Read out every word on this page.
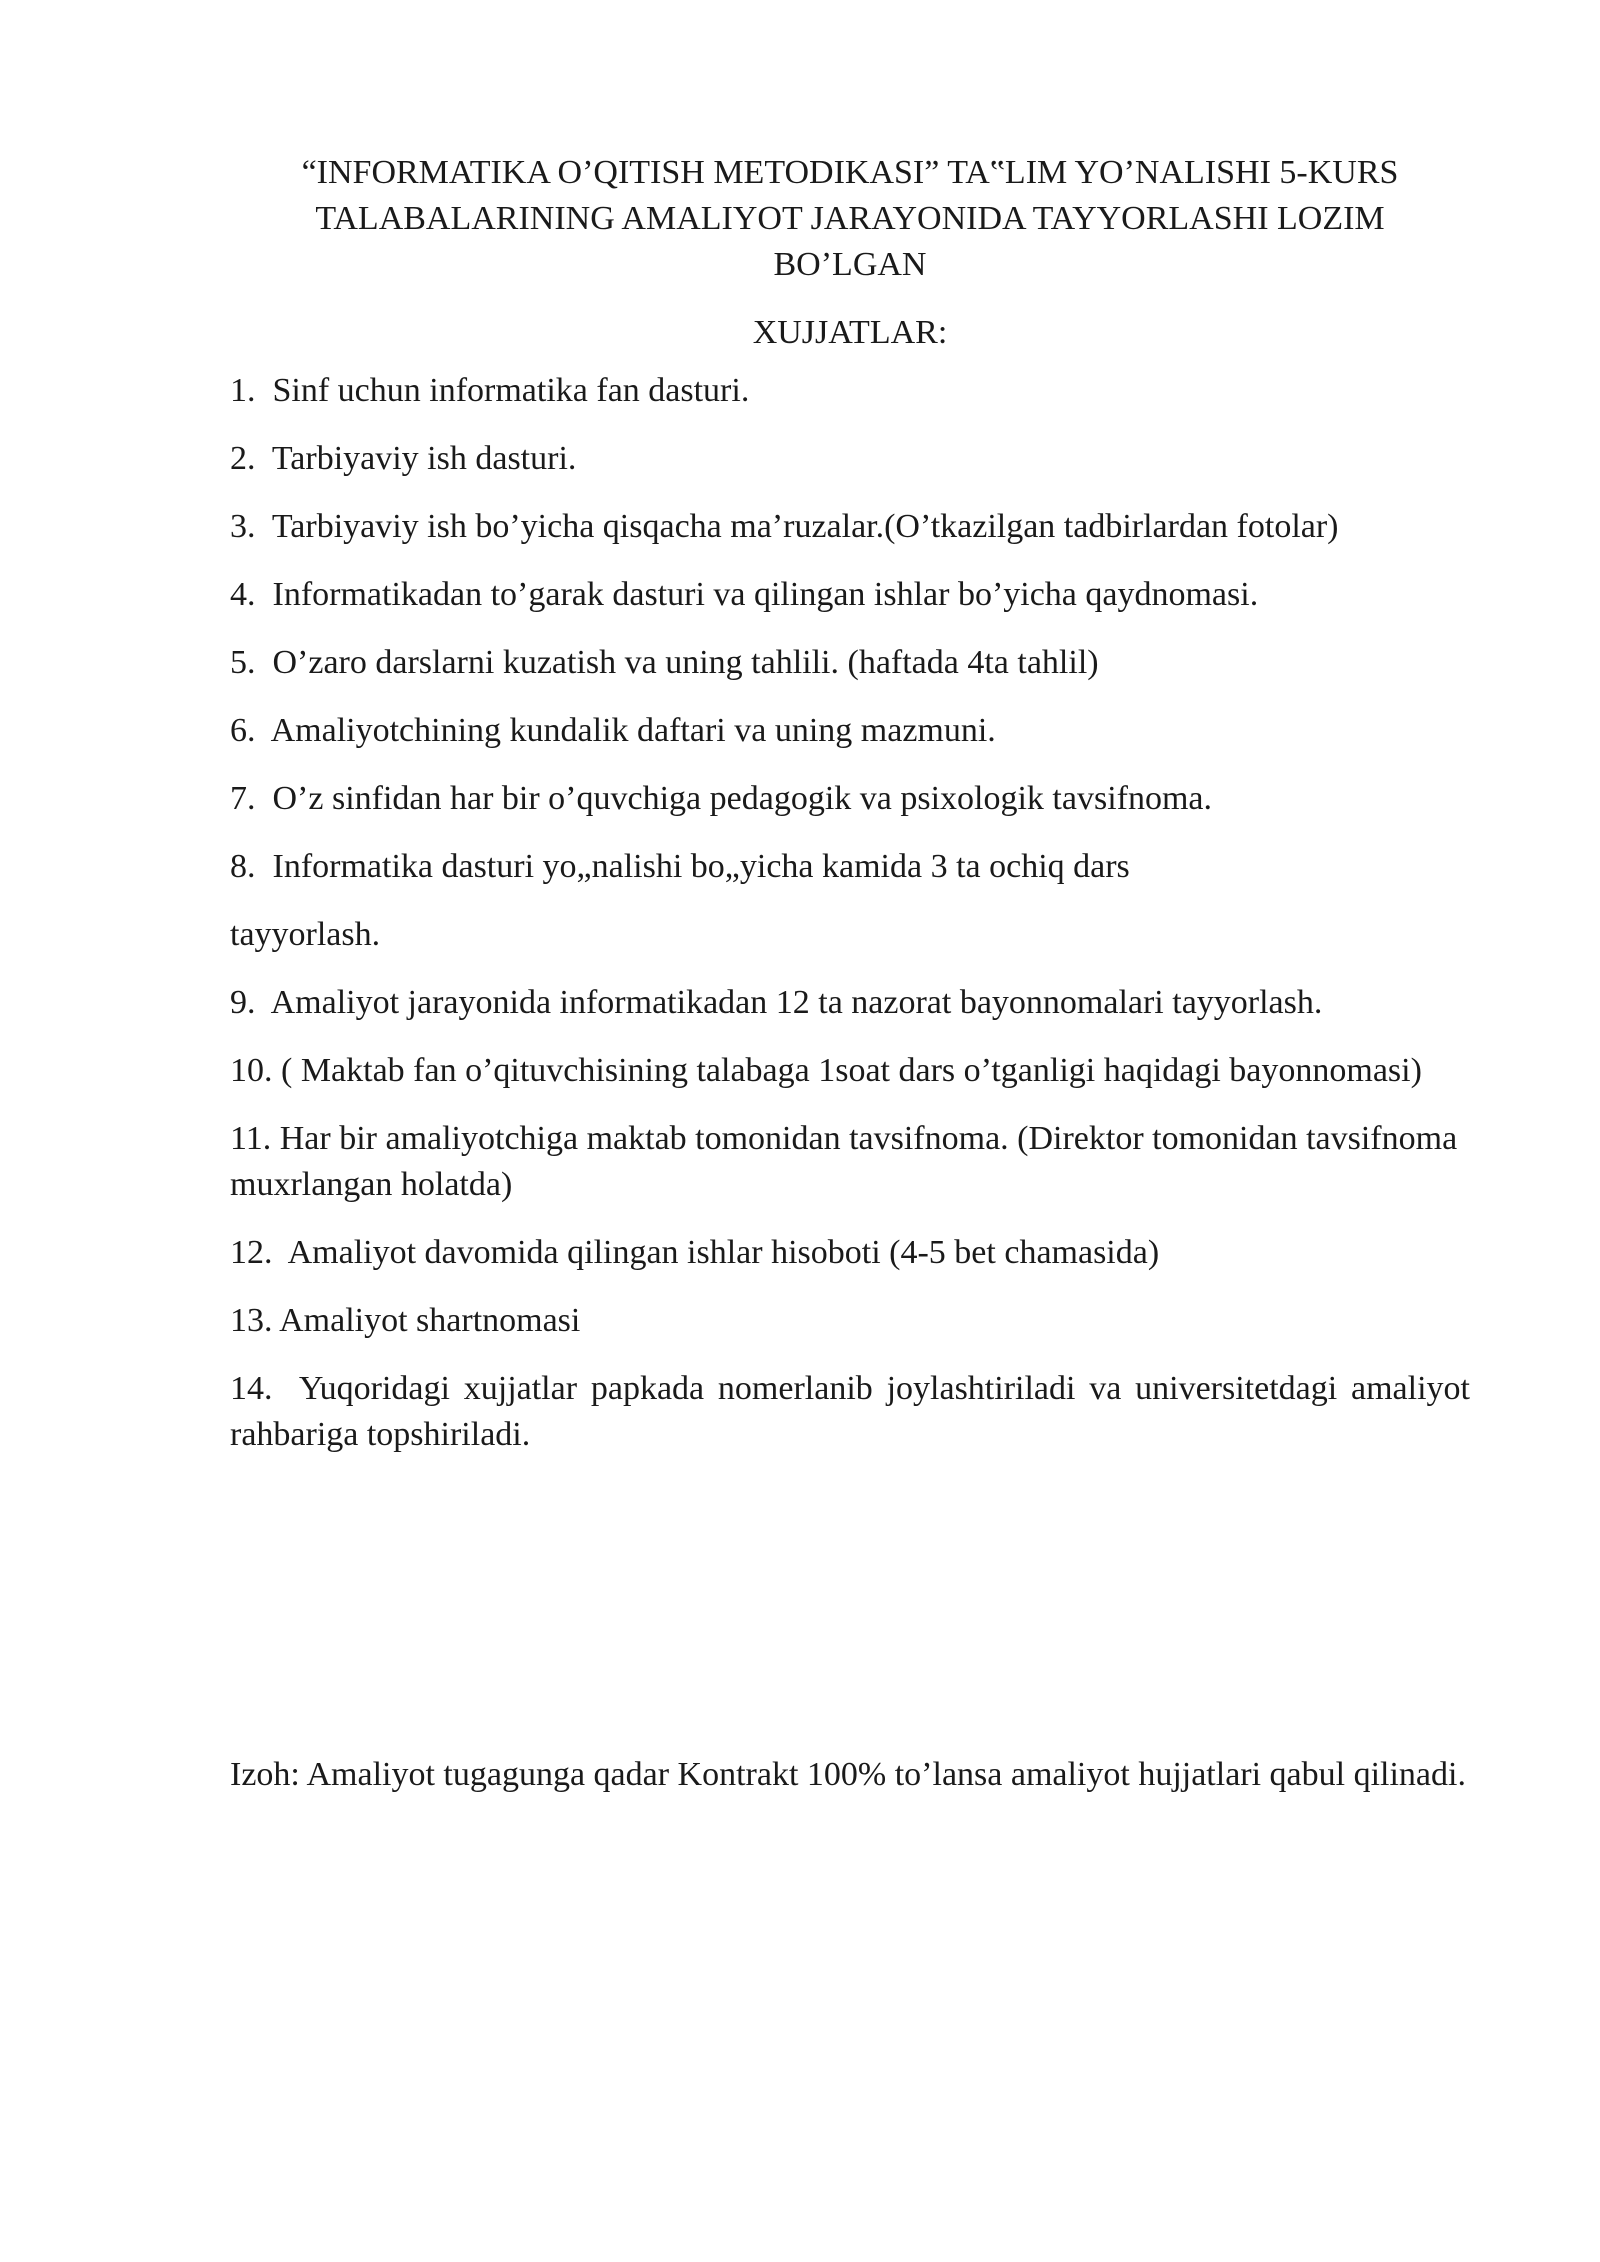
“INFORMATIKA O’QITISH METODIKASI” TA‟LIM YO’NALISHI 5-KURS
TALABALARINING AMALIYOT JARAYONIDA TAYYORLASHI LOZIM
BO’LGAN
XUJJATLAR:
1.  Sinf uchun informatika fan dasturi.
2.  Tarbiyaviy ish dasturi.
3.  Tarbiyaviy ish bo’yicha qisqacha ma’ruzalar.(O’tkazilgan tadbirlardan fotolar)
4.  Informatikadan to’garak dasturi va qilingan ishlar bo’yicha qaydnomasi.
5.  O’zaro darslarni kuzatish va uning tahlili. (haftada 4ta tahlil)
6.  Amaliyotchining kundalik daftari va uning mazmuni.
7.  O’z sinfidan har bir o’quvchiga pedagogik va psixologik tavsifnoma.
8.  Informatika dasturi yo„nalishi bo„yicha kamida 3 ta ochiq dars
tayyorlash.
9.  Amaliyot jarayonida informatikadan 12 ta nazorat bayonnomalari tayyorlash.
10. ( Maktab fan o’qituvchisining talabaga 1soat dars o’tganligi haqidagi bayonnomasi)
11. Har bir amaliyotchiga maktab tomonidan tavsifnoma. (Direktor tomonidan tavsifnoma muxrlangan holatda)
12.  Amaliyot davomida qilingan ishlar hisoboti (4-5 bet chamasida)
13. Amaliyot shartnomasi
14.  Yuqoridagi xujjatlar papkada nomerlanib joylashtiriladi va universitetdagi amaliyot rahbariga topshiriladi.
Izoh: Amaliyot tugagunga qadar Kontrakt 100% to’lansa amaliyot hujjatlari qabul qilinadi.
